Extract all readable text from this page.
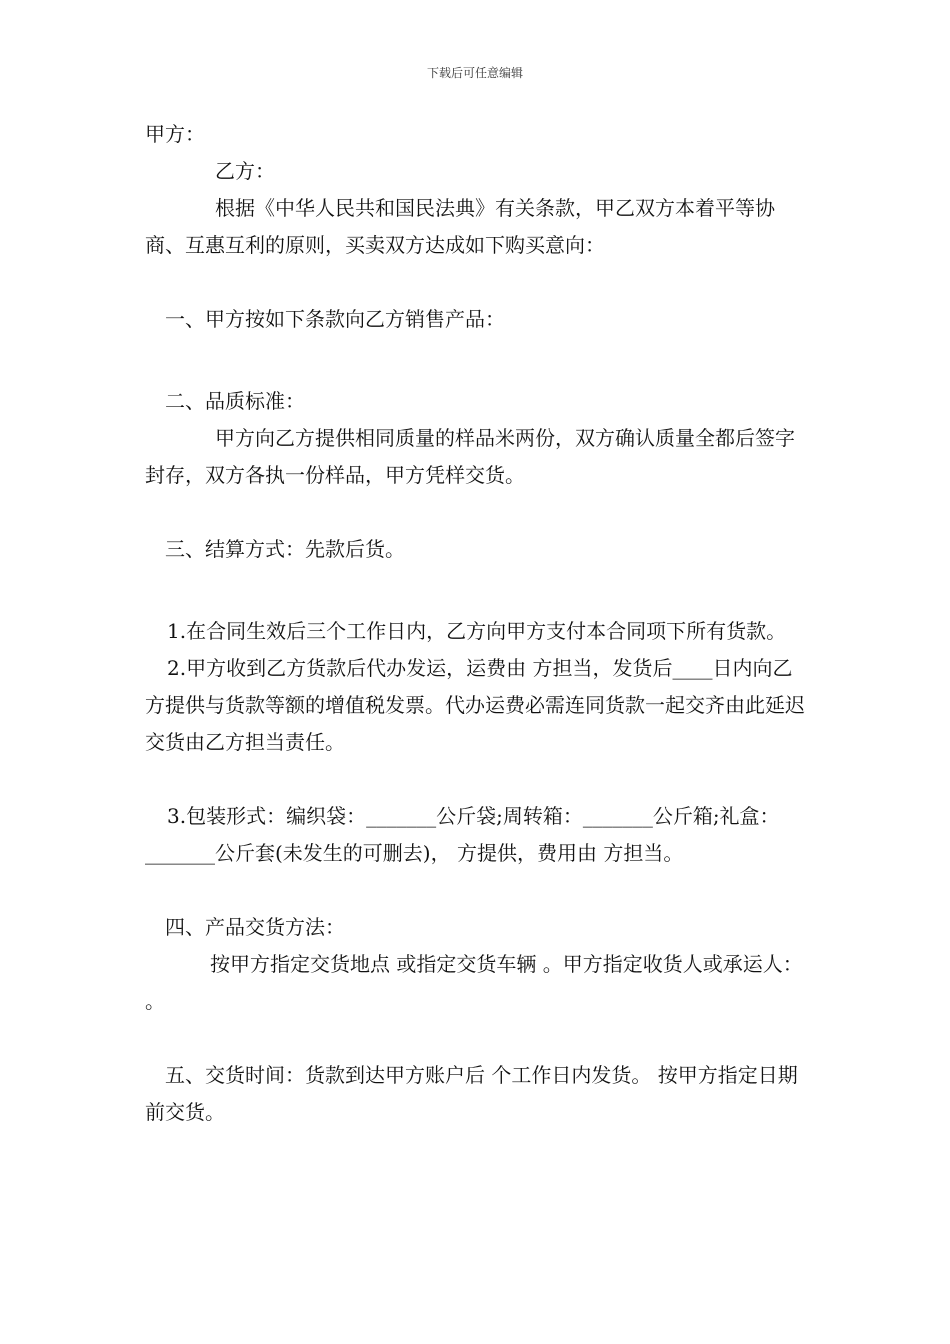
下载后可任意编辑

甲方：

乙方：

根据《中华人民共和国民法典》有关条款，甲乙双方本着平等协商、互惠互利的原则，买卖双方达成如下购买意向：

一、甲方按如下条款向乙方销售产品：

二、品质标准：

甲方向乙方提供相同质量的样品米两份，双方确认质量全都后签字封存，双方各执一份样品，甲方凭样交货。

三、结算方式：先款后货。

1.在合同生效后三个工作日内，乙方向甲方支付本合同项下所有货款。

2.甲方收到乙方货款后代办发运，运费由 方担当，发货后____日内向乙方提供与货款等额的增值税发票。代办运费必需连同货款一起交齐由此延迟交货由乙方担当责任。

3.包装形式：编织袋：_______公斤袋;周转箱：_______公斤箱;礼盒：_______公斤套(未发生的可删去)， 方提供，费用由 方担当。

四、产品交货方法：

按甲方指定交货地点 或指定交货车辆 。甲方指定收货人或承运人： 。

五、交货时间：货款到达甲方账户后 个工作日内发货。 按甲方指定日期 前交货。
